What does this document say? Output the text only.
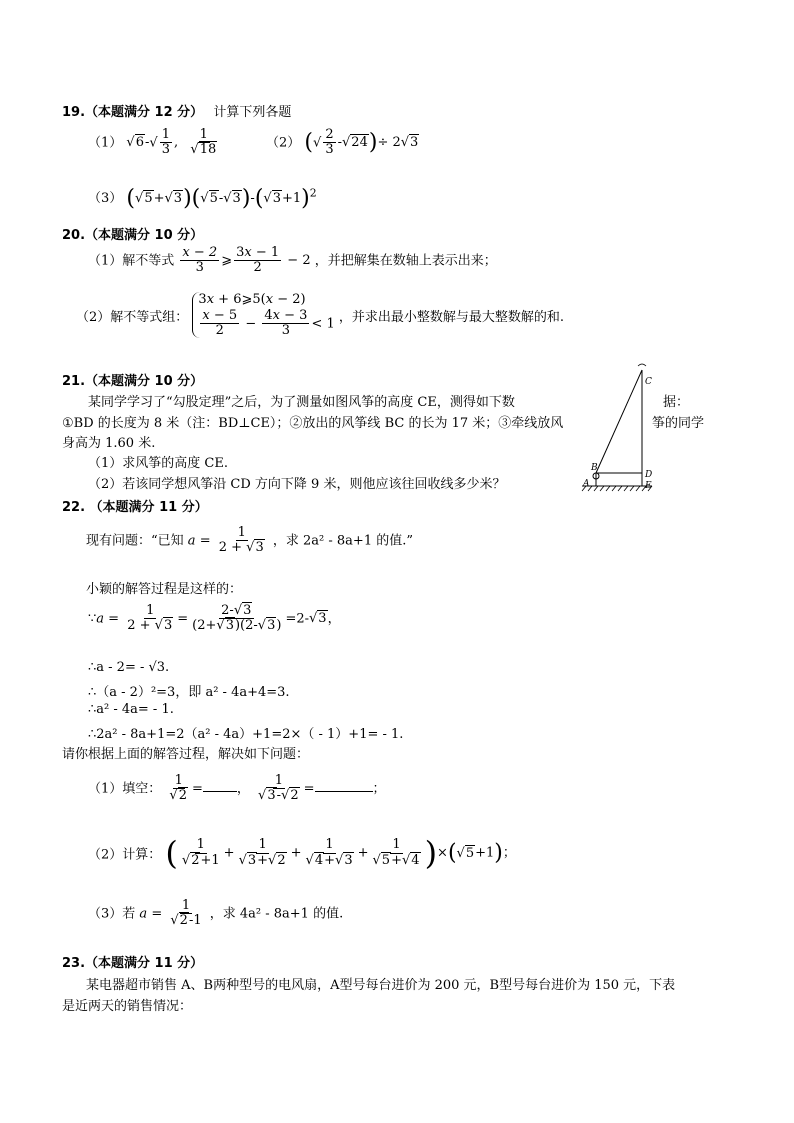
19.（本题满分 12 分） 计算下列各题
（1） $√6-√ \frac{1}{3}$ , $\frac{1}{√18}$	（2） (√ $\frac{2}{3} -√24)\div 2√3$
（3） $(√5+√3)(√5-√3)-(√3+1)^2$
20.（本题满分 10 分）
（1）解不等式 $\frac{x - 2}{3}$ ⩾ $\frac{3x - 1}{2} - 2$ ，并把解集在数轴上表示出来；
（2）解不等式组：
3x + 6⩾5(x − 2)
$\frac{x - 5}{2} - \frac{4x - 3}{3} < 1$ ，并求出最小整数解与最大整数解的和.
21.（本题满分 10 分）
某同学学习了“勾股定理”之后，为了测量如图风筝的高度 CE，测得如下数	据：
①BD 的长度为 8 米（注：BD⊥CE）；②放出的风筝线 BC 的长为 17 米；③牵线放风	筝的同学
身高为 1.60 米.
（1）求风筝的高度 CE.
（2）若该同学想风筝沿 CD 方向下降 9 米，则他应该往回收线多少米？
C
B
D
A	E
22. （本题满分 11 分）
现有问题：“已知 $a = \frac{1}{2 + √3}$ ，求 2a² - 8a+1 的值.”
小颖的解答过程是这样的：
∵a = $\frac{1}{2 + √3} = \frac{2-√3}{(2+√3)(2-√3)} =2-√3$，
∴a - 2= - √3.
∴（a - 2）²=3，即 a² - 4a+4=3.
∴a² - 4a= - 1.
∴2a² - 8a+1=2（a² - 4a）+1=2×（ - 1）+1= - 1.
请你根据上面的解答过程，解决如下问题：
（1）填空： $\frac{1}{√2}$ =	， $\frac{1}{√3-√2}$ =	；
（2）计算： ( $\frac{1}{√2+1} + \frac{1}{√3+√2} + \frac{1}{√4+√3} + \frac{1}{√5+√4} )\times(√5+1)$；
（3）若 $a = \frac{1}{√2-1}$ ，求 4a² - 8a+1 的值.
23.（本题满分 11 分）
某电器超市销售 A、B两种型号的电风扇，A型号每台进价为 200 元，B型号每台进价为 150 元，下表
是近两天的销售情况：
